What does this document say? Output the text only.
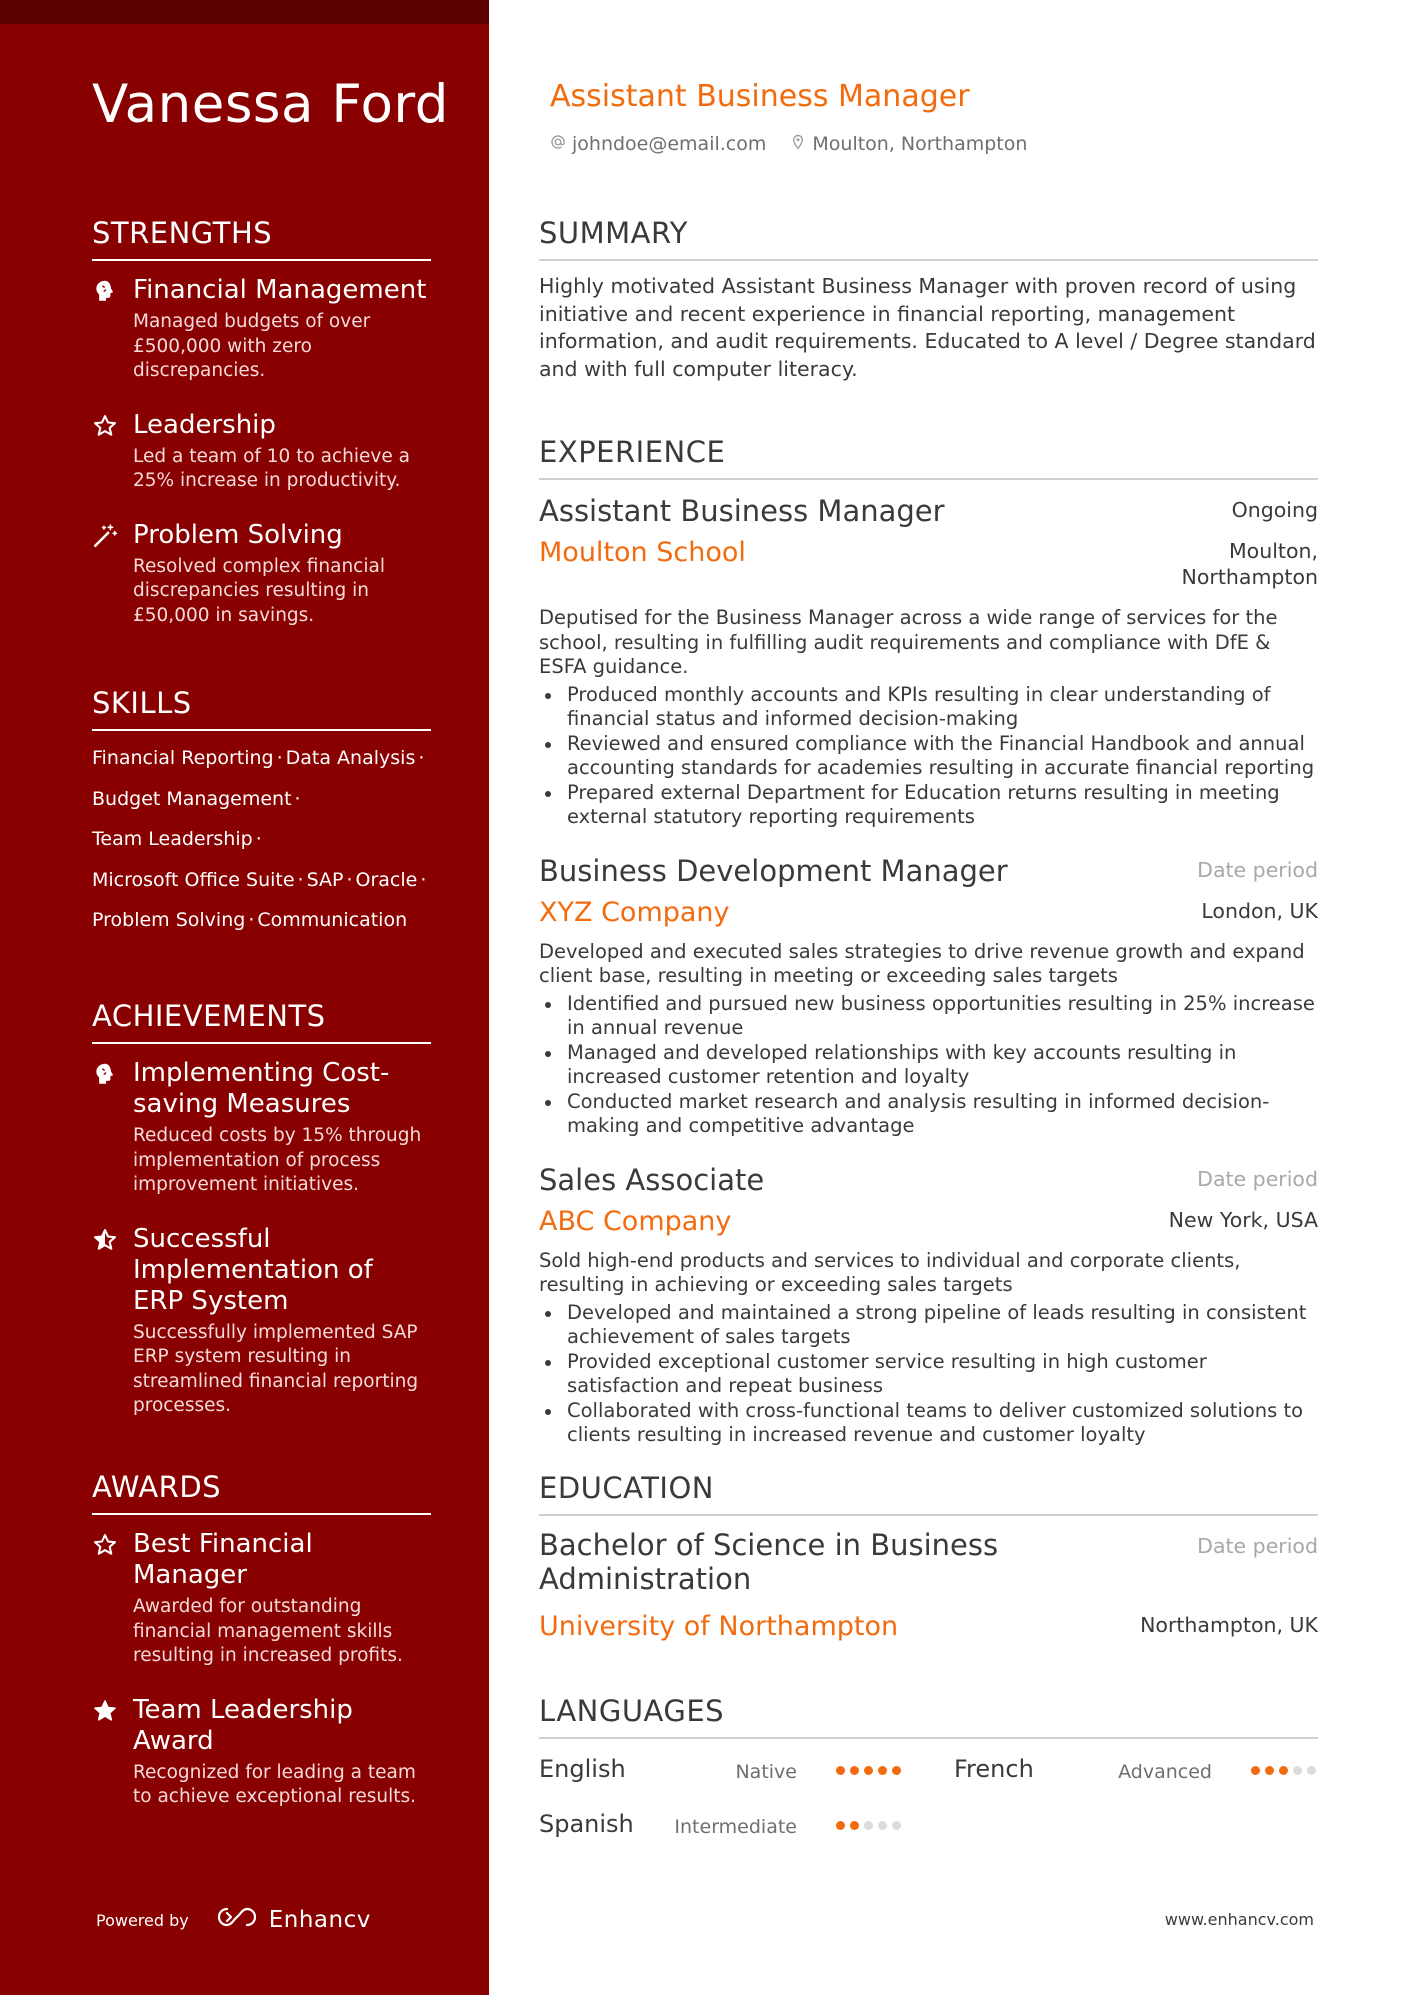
Vanessa Ford
STRENGTHS
Financial Management
Managed budgets of over £500,000 with zero discrepancies.
Leadership
Led a team of 10 to achieve a 25% increase in productivity.
Problem Solving
Resolved complex financial discrepancies resulting in £50,000 in savings.
SKILLS
Financial Reporting · Data Analysis ·
Budget Management ·
Team Leadership ·
Microsoft Office Suite · SAP · Oracle ·
Problem Solving · Communication
ACHIEVEMENTS
Implementing Cost-saving Measures
Reduced costs by 15% through implementation of process improvement initiatives.
Successful Implementation of ERP System
Successfully implemented SAP ERP system resulting in streamlined financial reporting processes.
AWARDS
Best Financial Manager
Awarded for outstanding financial management skills resulting in increased profits.
Team Leadership Award
Recognized for leading a team to achieve exceptional results.
Powered by	Enhancv
Assistant Business Manager
johndoe@email.com Moulton, Northampton
SUMMARY
Highly motivated Assistant Business Manager with proven record of using initiative and recent experience in financial reporting, management information, and audit requirements. Educated to A level / Degree standard and with full computer literacy.
EXPERIENCE
Assistant Business Manager	Ongoing
Moulton School	Moulton, Northampton
Deputised for the Business Manager across a wide range of services for the school, resulting in fulfilling audit requirements and compliance with DfE & ESFA guidance.
Produced monthly accounts and KPIs resulting in clear understanding of financial status and informed decision-making
Reviewed and ensured compliance with the Financial Handbook and annual accounting standards for academies resulting in accurate financial reporting
Prepared external Department for Education returns resulting in meeting external statutory reporting requirements
Business Development Manager	Date period
XYZ Company	London, UK
Developed and executed sales strategies to drive revenue growth and expand client base, resulting in meeting or exceeding sales targets
Identified and pursued new business opportunities resulting in 25% increase in annual revenue
Managed and developed relationships with key accounts resulting in increased customer retention and loyalty
Conducted market research and analysis resulting in informed decision-making and competitive advantage
Sales Associate	Date period
ABC Company	New York, USA
Sold high-end products and services to individual and corporate clients, resulting in achieving or exceeding sales targets
Developed and maintained a strong pipeline of leads resulting in consistent achievement of sales targets
Provided exceptional customer service resulting in high customer satisfaction and repeat business
Collaborated with cross-functional teams to deliver customized solutions to clients resulting in increased revenue and customer loyalty
EDUCATION
Bachelor of Science in Business Administration
Date period
University of Northampton	Northampton, UK
LANGUAGES
English	Native	French	Advanced
Spanish Intermediate
www.enhancv.com
